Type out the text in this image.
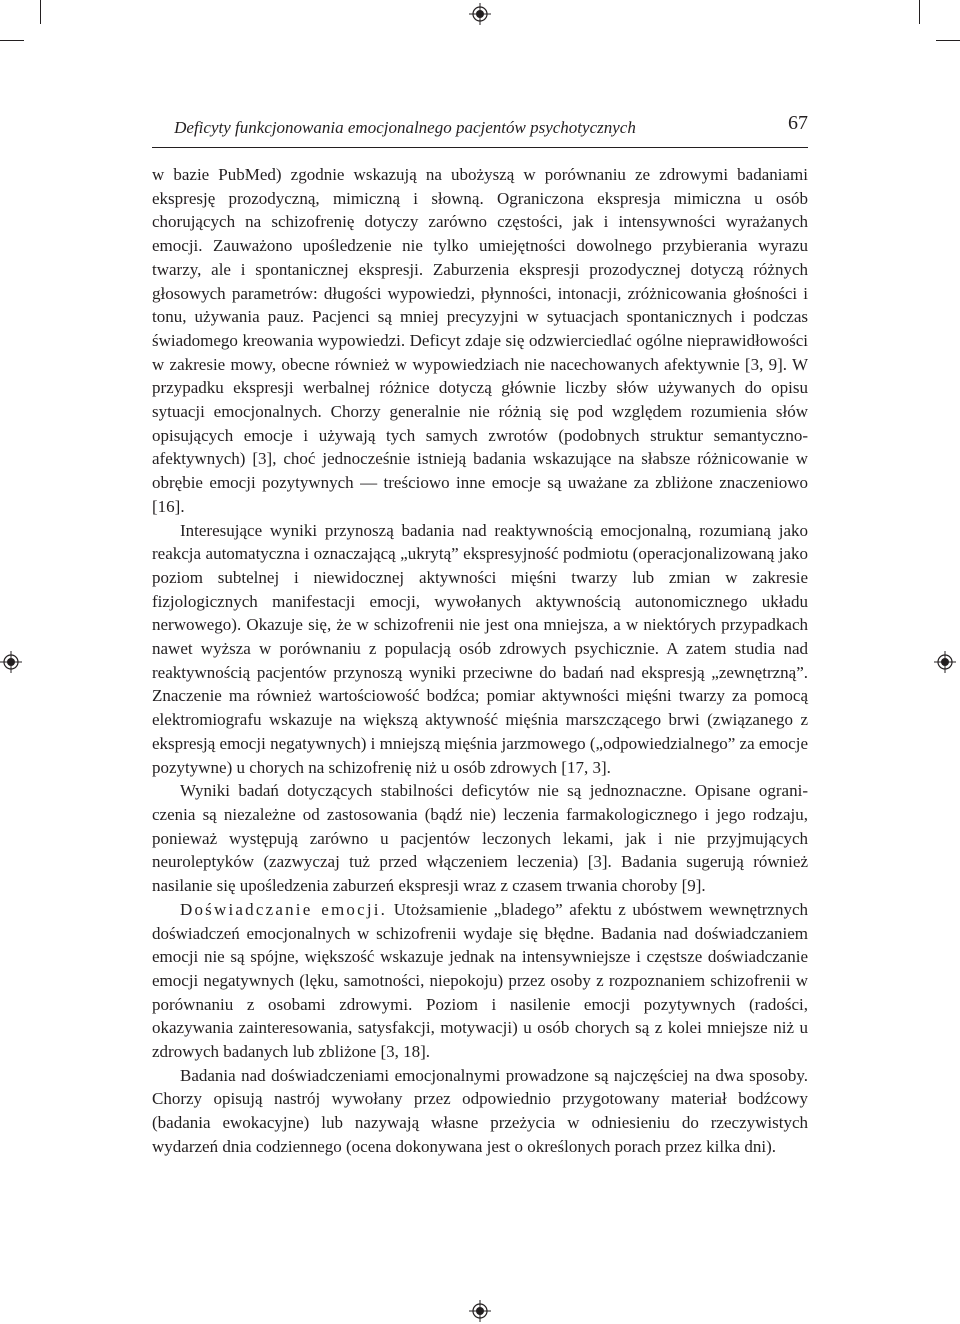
Deficyty funkcjonowania emocjonalnego pacjentów psychotycznych	67

w bazie PubMed) zgodnie wskazują na ubożyszą w porównaniu ze zdrowymi badaniami ekspresję prozodyczną, mimiczną i słowną. Ograniczona ekspresja mimiczna u osób chorujących na schizofrenię dotyczy zarówno częstości, jak i intensywności wyrażanych emocji. Zauważono upośledzenie nie tylko umiejętności dowolnego przybierania wyrazu twarzy, ale i spontanicznej ekspresji. Zaburzenia ekspresji prozodycznej dotyczą różnych głosowych parametrów: długości wypowiedzi, płynności, intonacji, zróżnicowania głośności i tonu, używania pauz. Pacjenci są mniej precyzyjni w sytuacjach spontanicznych i podczas świadomego kreowania wypowiedzi. Deficyt zdaje się odzwierciedlać ogólne nieprawidłowości w zakresie mowy, obecne również w wypowiedziach nie nacechowanych afektywnie [3, 9]. W przypadku ekspresji werbalnej różnice dotyczą głównie liczby słów używanych do opisu sytuacji emocjonalnych. Chorzy generalnie nie różnią się pod względem rozumienia słów opisujących emocje i używają tych samych zwrotów (podobnych struktur semantyczno-afektywnych) [3], choć jednocześnie istnieją badania wskazujące na słabsze różnicowanie w obrębie emocji pozytywnych — treściowo inne emocje są uważane za zbliżone znaczeniowo [16].

Interesujące wyniki przynoszą badania nad reaktywnością emocjonalną, rozumianą jako reakcja automatyczna i oznaczającą „ukrytą” ekspresyjność podmiotu (operacjonalizowaną jako poziom subtelnej i niewidocznej aktywności mięśni twarzy lub zmian w zakresie fizjologicznych manifestacji emocji, wywołanych aktywnością autonomicznego układu nerwowego). Okazuje się, że w schizofrenii nie jest ona mniejsza, a w niektórych przypadkach nawet wyższa w porównaniu z populacją osób zdrowych psychicznie. A zatem studia nad reaktywnością pacjentów przynoszą wyniki przeciwne do badań nad ekspresją „zewnętrzną”. Znaczenie ma również wartościowość bodźca; pomiar aktywności mięśni twarzy za pomocą elektromiografu wskazuje na większą aktywność mięśnia marszczącego brwi (związanego z ekspresją emocji negatywnych) i mniejszą mięśnia jarzmowego („odpowiedzialnego” za emocje pozytywne) u chorych na schizofrenię niż u osób zdrowych [17, 3].

Wyniki badań dotyczących stabilności deficytów nie są jednoznaczne. Opisane ograniczenia są niezależne od zastosowania (bądź nie) leczenia farmakologicznego i jego rodzaju, ponieważ występują zarówno u pacjentów leczonych lekami, jak i nie przyjmujących neuroleptyków (zazwyczaj tuż przed włączeniem leczenia) [3]. Badania sugerują również nasilanie się upośledzenia zaburzeń ekspresji wraz z czasem trwania choroby [9].

Doświadczanie emocji. Utożsamienie „bladego” afektu z ubóstwem wewnętrznych doświadczeń emocjonalnych w schizofrenii wydaje się błędne. Badania nad doświadczaniem emocji nie są spójne, większość wskazuje jednak na intensywniejsze i częstsze doświadczanie emocji negatywnych (lęku, samotności, niepokoju) przez osoby z rozpoznaniem schizofrenii w porównaniu z osobami zdrowymi. Poziom i nasilenie emocji pozytywnych (radości, okazywania zainteresowania, satysfakcji, motywacji) u osób chorych są z kolei mniejsze niż u zdrowych badanych lub zbliżone [3, 18].

Badania nad doświadczeniami emocjonalnymi prowadzone są najczęściej na dwa sposoby. Chorzy opisują nastrój wywołany przez odpowiednio przygotowany materiał bodźcowy (badania ewokacyjne) lub nazywają własne przeżycia w odniesieniu do rzeczywistych wydarzeń dnia codziennego (ocena dokonywana jest o określonych porach przez kilka dni).
